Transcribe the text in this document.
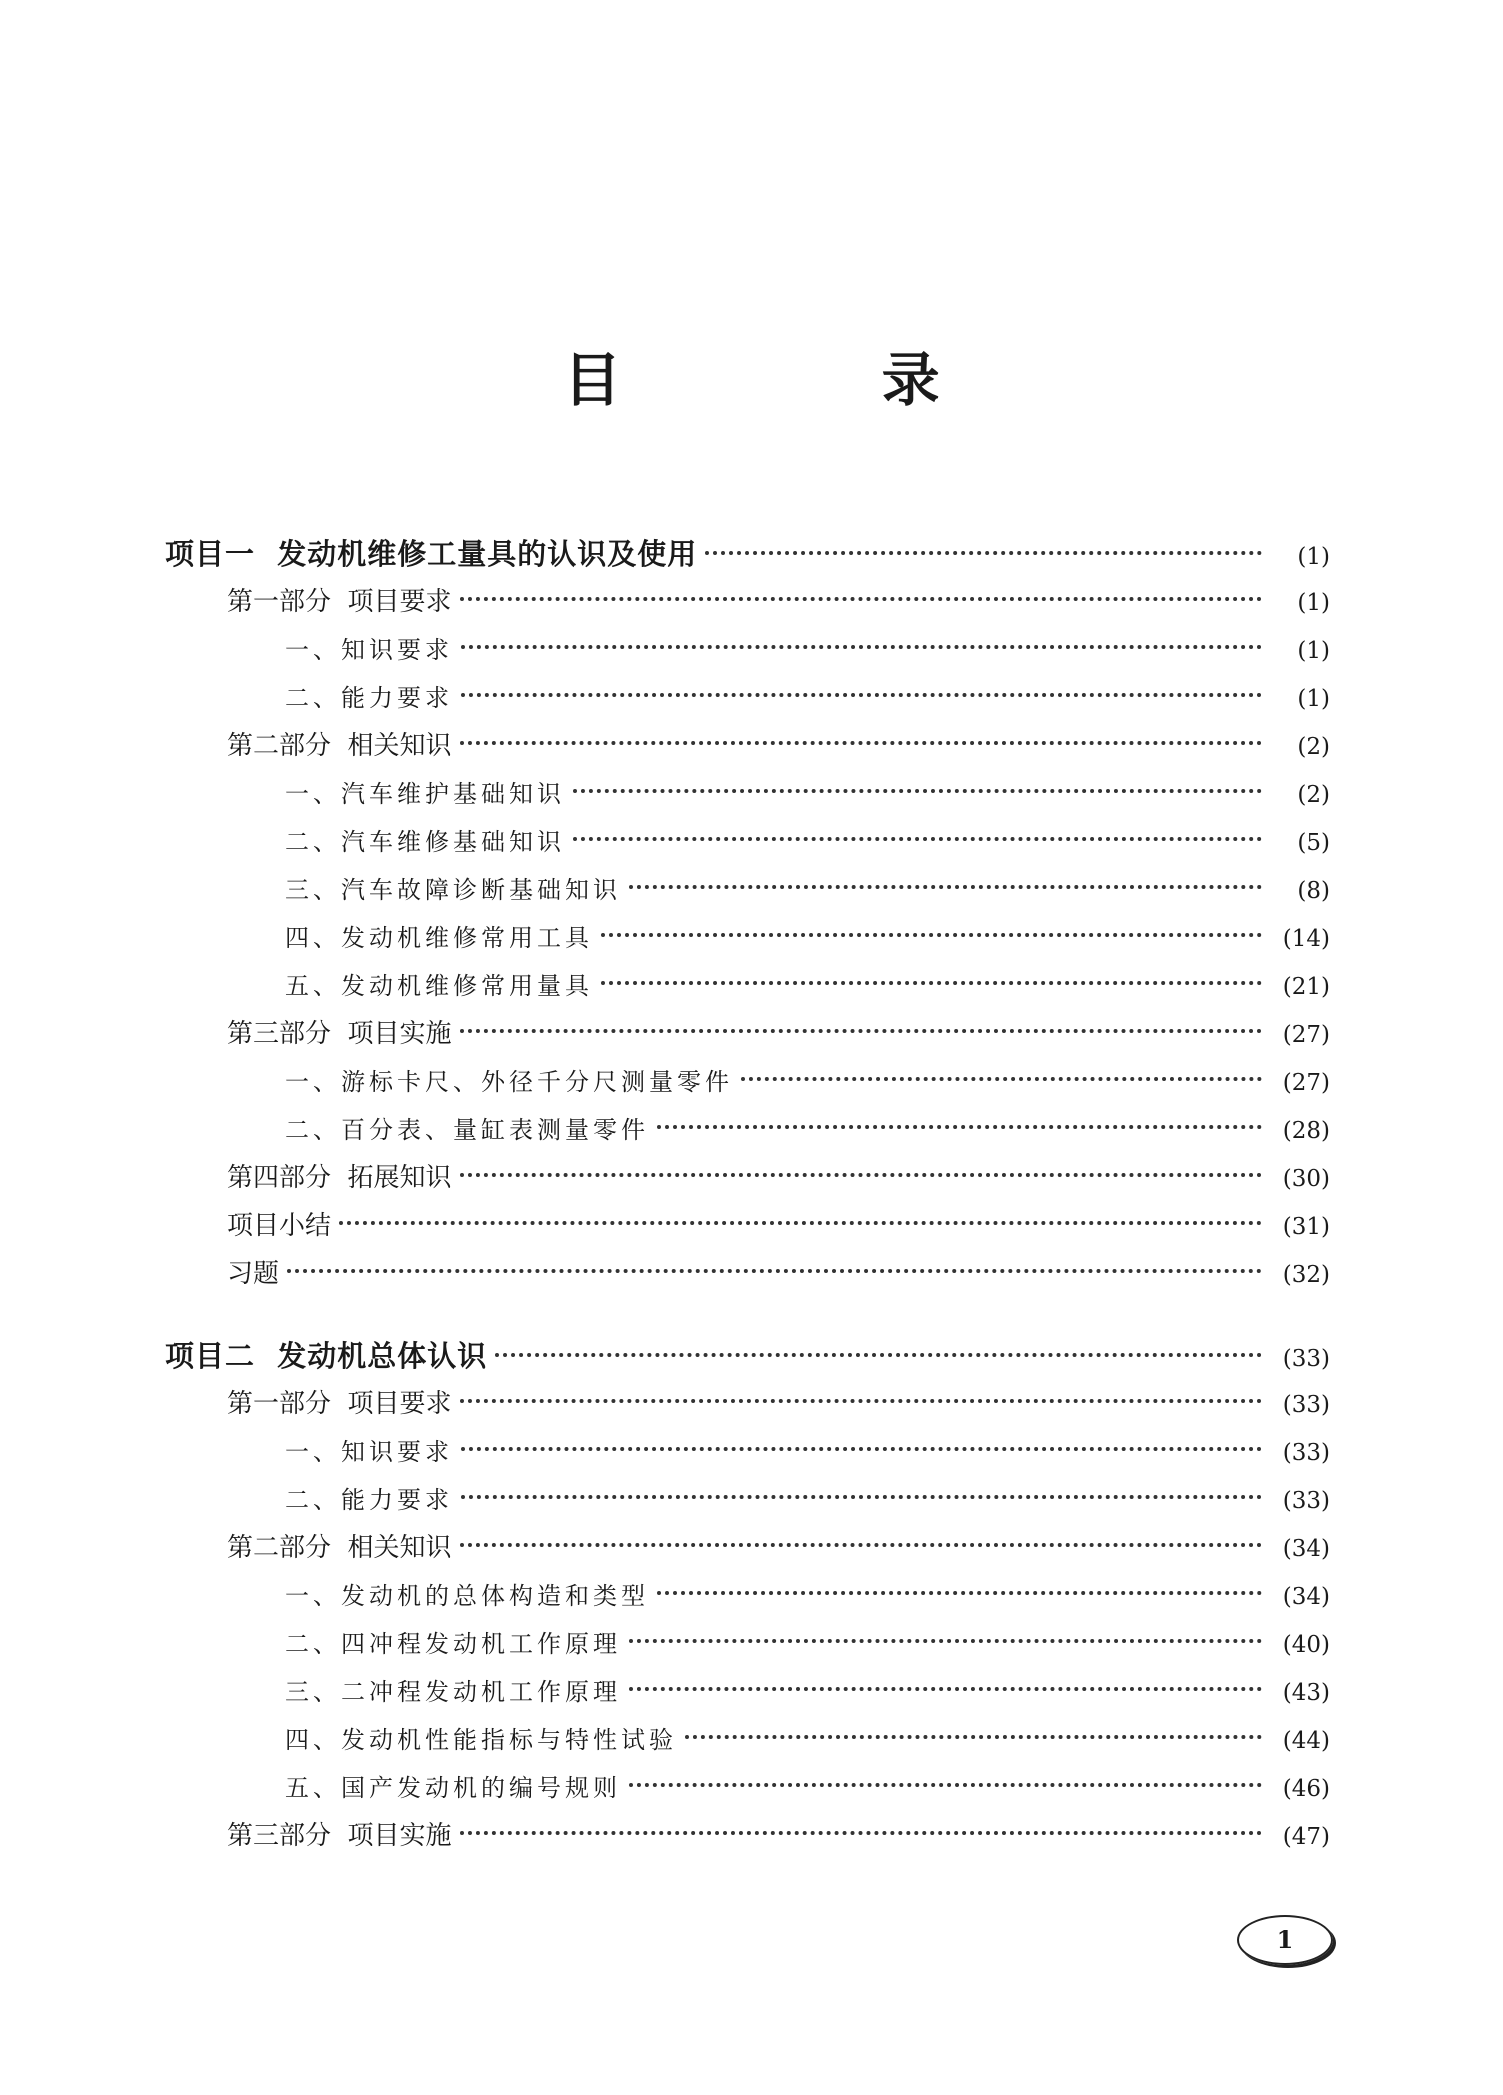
目 录
项目一  发动机维修工量具的认识及使用	(1)
第一部分  项目要求	(1)
一、知识要求	(1)
二、能力要求	(1)
第二部分  相关知识	(2)
一、汽车维护基础知识	(2)
二、汽车维修基础知识	(5)
三、汽车故障诊断基础知识	(8)
四、发动机维修常用工具	(14)
五、发动机维修常用量具	(21)
第三部分  项目实施	(27)
一、游标卡尺、外径千分尺测量零件	(27)
二、百分表、量缸表测量零件	(28)
第四部分  拓展知识	(30)
项目小结	(31)
习题	(32)
项目二  发动机总体认识	(33)
第一部分  项目要求	(33)
一、知识要求	(33)
二、能力要求	(33)
第二部分  相关知识	(34)
一、发动机的总体构造和类型	(34)
二、四冲程发动机工作原理	(40)
三、二冲程发动机工作原理	(43)
四、发动机性能指标与特性试验	(44)
五、国产发动机的编号规则	(46)
第三部分  项目实施	(47)
1
